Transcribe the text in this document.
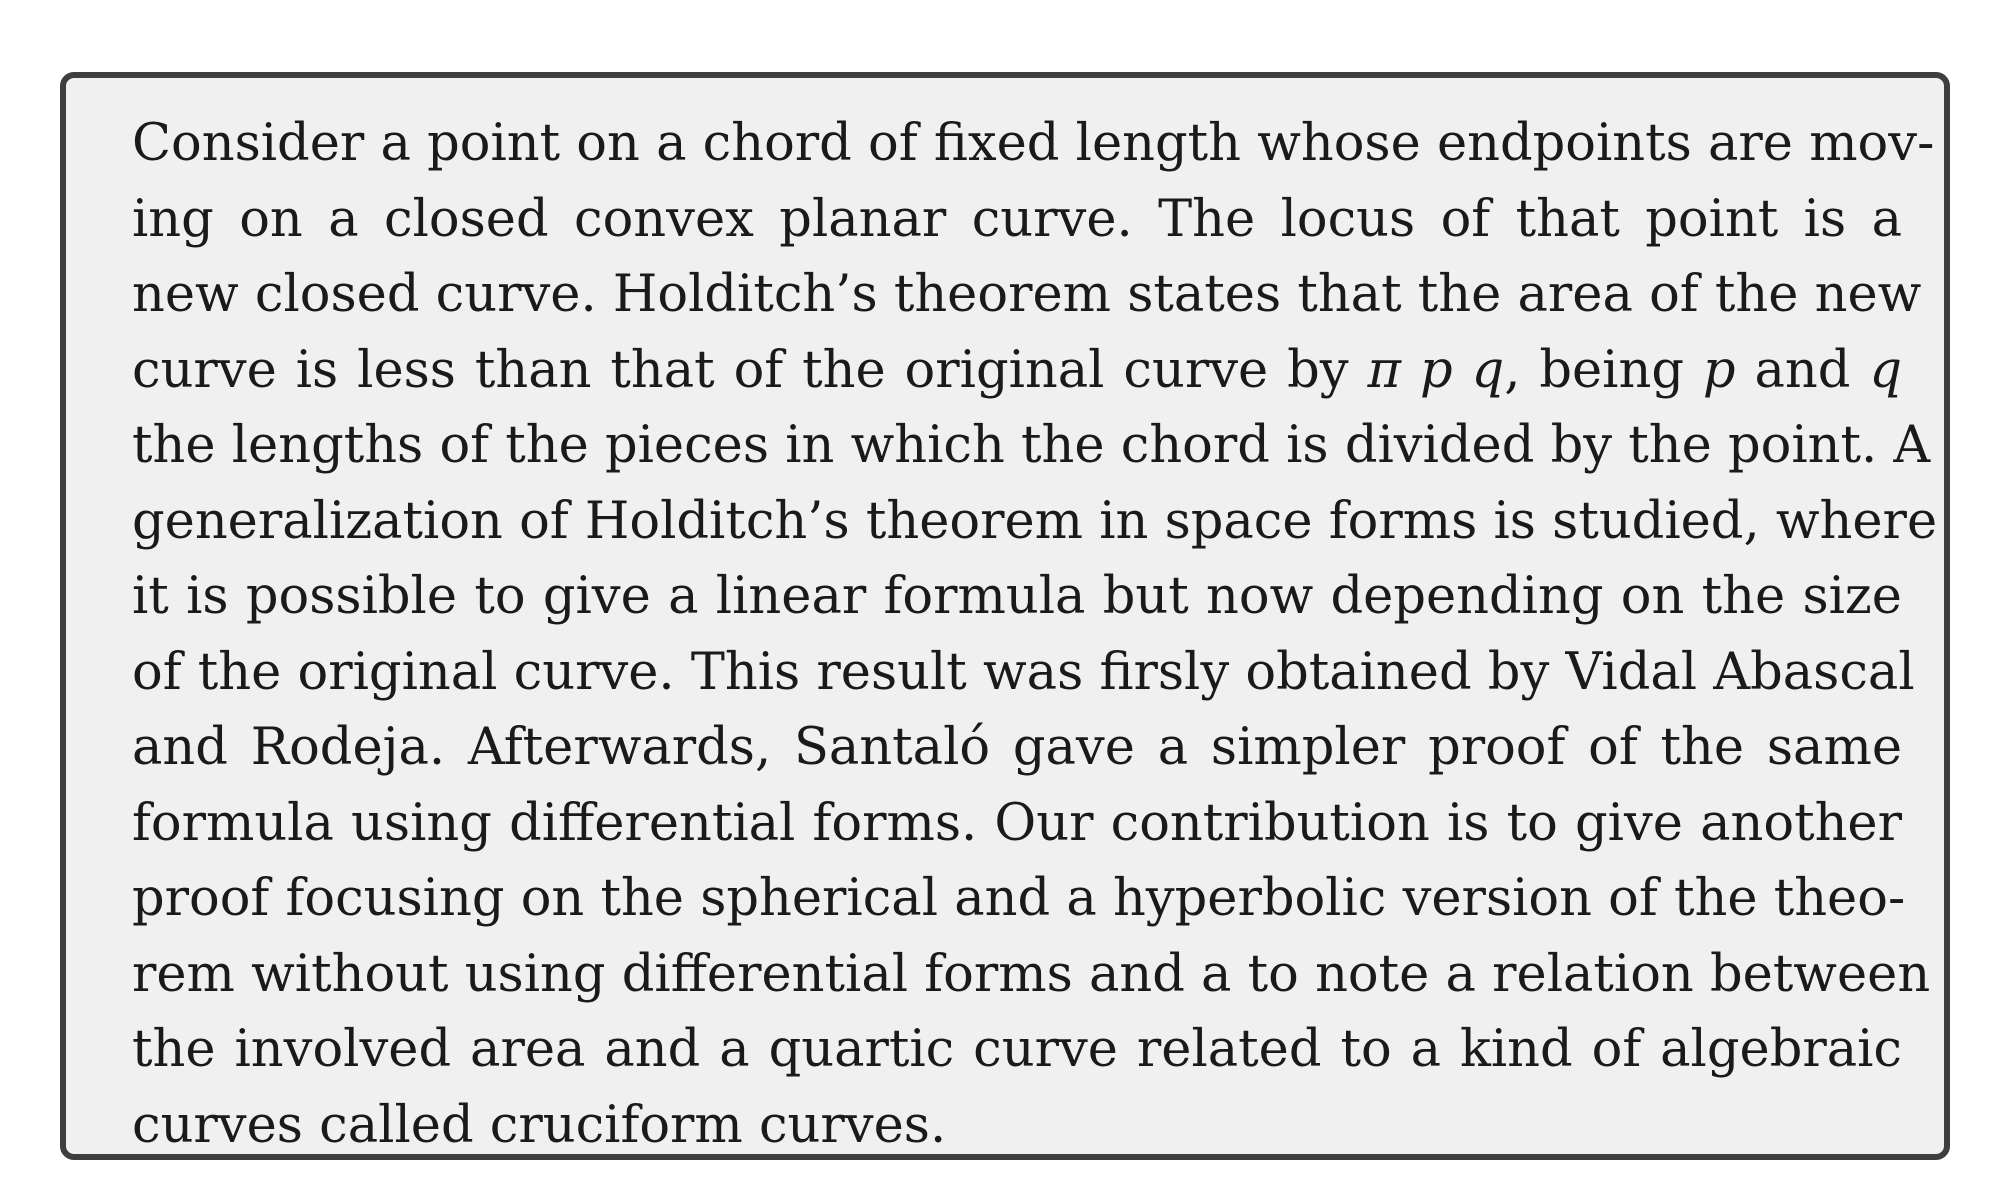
Consider a point on a chord of fixed length whose endpoints are mov-
ing on a closed convex planar curve. The locus of that point is a
new closed curve. Holditch’s theorem states that the area of the new
curve is less than that of the original curve by π p q, being p and q
the lengths of the pieces in which the chord is divided by the point. A
generalization of Holditch’s theorem in space forms is studied, where
it is possible to give a linear formula but now depending on the size
of the original curve. This result was firsly obtained by Vidal Abascal
and Rodeja. Afterwards, Santaló gave a simpler proof of the same
formula using differential forms. Our contribution is to give another
proof focusing on the spherical and a hyperbolic version of the theo-
rem without using differential forms and a to note a relation between
the involved area and a quartic curve related to a kind of algebraic
curves called cruciform curves.
